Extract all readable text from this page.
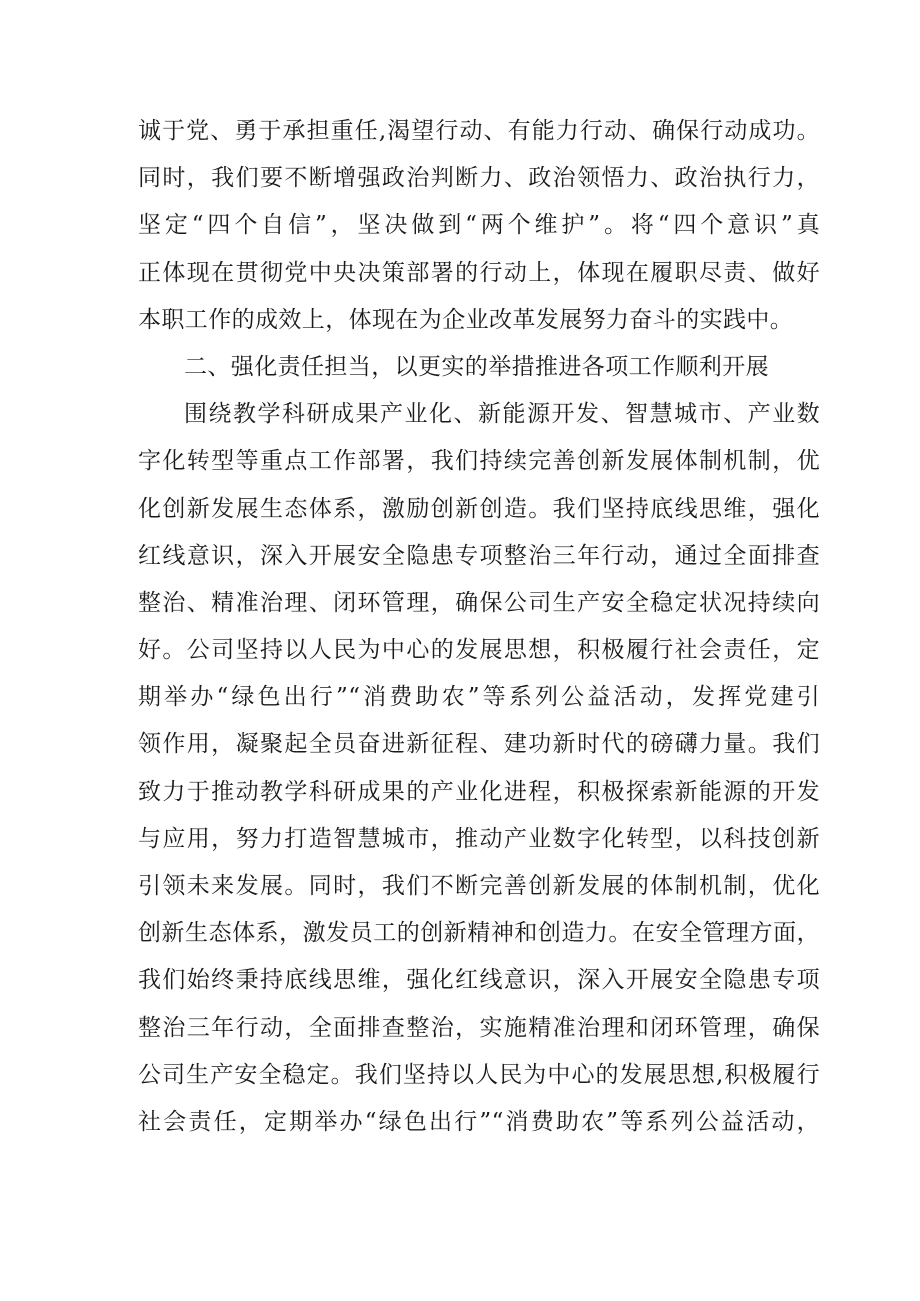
诚于党、勇于承担重任,渴望行动、有能力行动、确保行动成功。
同时，我们要不断增强政治判断力、政治领悟力、政治执行力，
坚定“四个自信”，坚决做到“两个维护”。将“四个意识”真
正体现在贯彻党中央决策部署的行动上，体现在履职尽责、做好
本职工作的成效上，体现在为企业改革发展努力奋斗的实践中。
二、强化责任担当，以更实的举措推进各项工作顺利开展
围绕教学科研成果产业化、新能源开发、智慧城市、产业数
字化转型等重点工作部署，我们持续完善创新发展体制机制，优
化创新发展生态体系，激励创新创造。我们坚持底线思维，强化
红线意识，深入开展安全隐患专项整治三年行动，通过全面排查
整治、精准治理、闭环管理，确保公司生产安全稳定状况持续向
好。公司坚持以人民为中心的发展思想，积极履行社会责任，定
期举办“绿色出行”“消费助农”等系列公益活动，发挥党建引
领作用，凝聚起全员奋进新征程、建功新时代的磅礴力量。我们
致力于推动教学科研成果的产业化进程，积极探索新能源的开发
与应用，努力打造智慧城市，推动产业数字化转型，以科技创新
引领未来发展。同时，我们不断完善创新发展的体制机制，优化
创新生态体系，激发员工的创新精神和创造力。在安全管理方面，
我们始终秉持底线思维，强化红线意识，深入开展安全隐患专项
整治三年行动，全面排查整治，实施精准治理和闭环管理，确保
公司生产安全稳定。我们坚持以人民为中心的发展思想,积极履行
社会责任，定期举办“绿色出行”“消费助农”等系列公益活动，
